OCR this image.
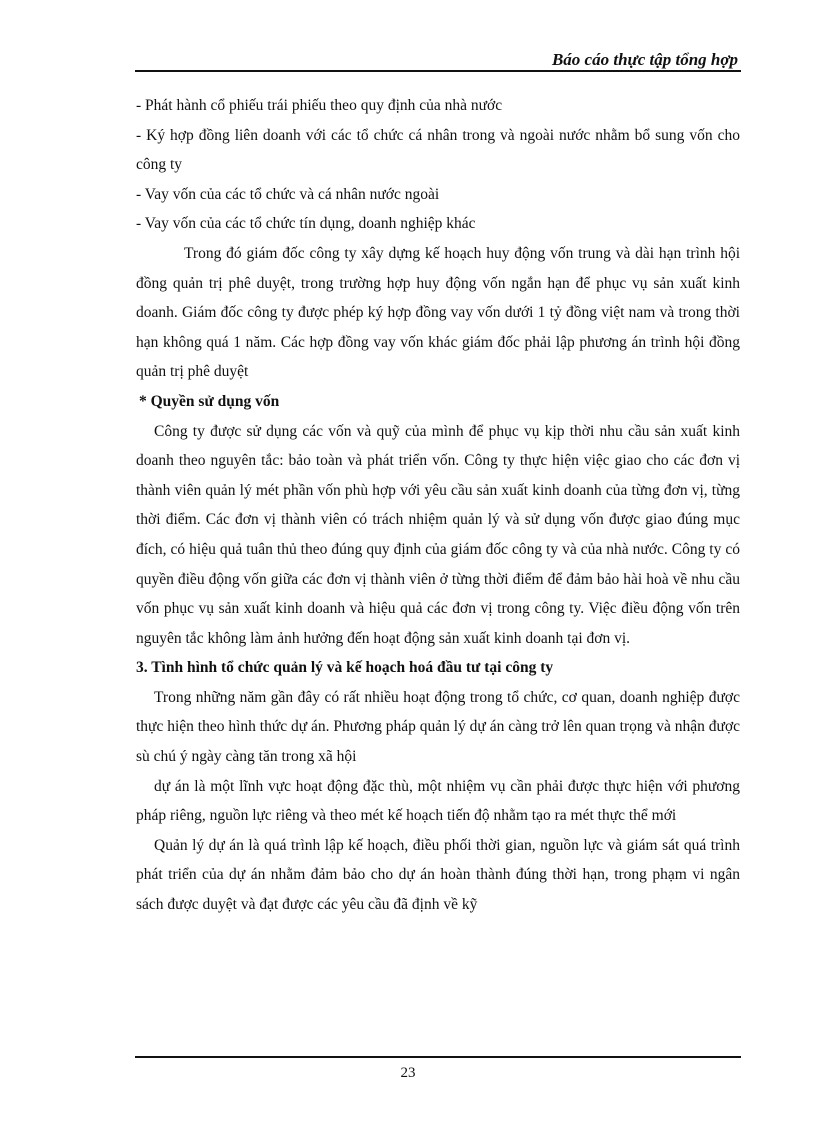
Báo cáo thực tập tổng hợp

- Phát hành cổ phiếu trái phiếu theo quy định của nhà nước

- Ký hợp đồng liên doanh với các tổ chức cá nhân trong và ngoài nước nhằm bổ sung vốn cho công ty

- Vay vốn của các tổ chức và cá nhân nước ngoài

- Vay vốn của các tổ chức tín dụng, doanh nghiệp khác

Trong đó giám đốc công ty xây dựng kế hoạch huy động vốn trung và dài hạn trình hội đồng quản trị phê duyệt, trong trường hợp huy động vốn ngắn hạn để phục vụ sản xuất kinh doanh. Giám đốc công ty được phép ký hợp đồng vay vốn dưới 1 tỷ đồng việt nam và trong thời hạn không quá 1 năm. Các hợp đồng vay vốn khác giám đốc phải lập phương án trình hội đồng quản trị phê duyệt

* Quyền sử dụng vốn

Công ty được sử dụng các vốn và quỹ của mình để phục vụ kịp thời nhu cầu sản xuất kinh doanh theo nguyên tắc: bảo toàn và phát triển vốn. Công ty thực hiện việc giao cho các đơn vị thành viên quản lý mét phần vốn phù hợp với yêu cầu sản xuất kinh doanh của từng đơn vị, từng thời điểm. Các đơn vị thành viên có trách nhiệm quản lý và sử dụng vốn được giao đúng mục đích, có hiệu quả tuân thủ theo đúng quy định của giám đốc công ty và của nhà nước. Công ty có quyền điều động vốn giữa các đơn vị thành viên ở từng thời điểm để đảm bảo hài hoà về nhu cầu vốn phục vụ sản xuất kinh doanh và hiệu quả các đơn vị trong công ty. Việc điều động vốn trên nguyên tắc không làm ảnh hưởng đến hoạt động sản xuất kinh doanh tại đơn vị.

3. Tình hình tổ chức quản lý và kế hoạch hoá đầu tư tại công ty

Trong những năm gần đây có rất nhiều hoạt động trong tổ chức, cơ quan, doanh nghiệp được thực hiện theo hình thức dự án. Phương pháp quản lý dự án càng trở lên quan trọng và nhận được sù chú ý ngày càng tăn trong xã hội

dự án là một lĩnh vực hoạt động đặc thù, một nhiệm vụ cần phải được thực hiện với phương pháp riêng, nguồn lực riêng và theo mét kế hoạch tiến độ nhằm tạo ra mét thực thể mới

Quản lý dự án là quá trình lập kế hoạch, điều phối thời gian, nguồn lực và giám sát quá trình phát triển của dự án nhằm đảm bảo cho dự án hoàn thành đúng thời hạn, trong phạm vi ngân sách được duyệt và đạt được các yêu cầu đã định về kỹ

23
